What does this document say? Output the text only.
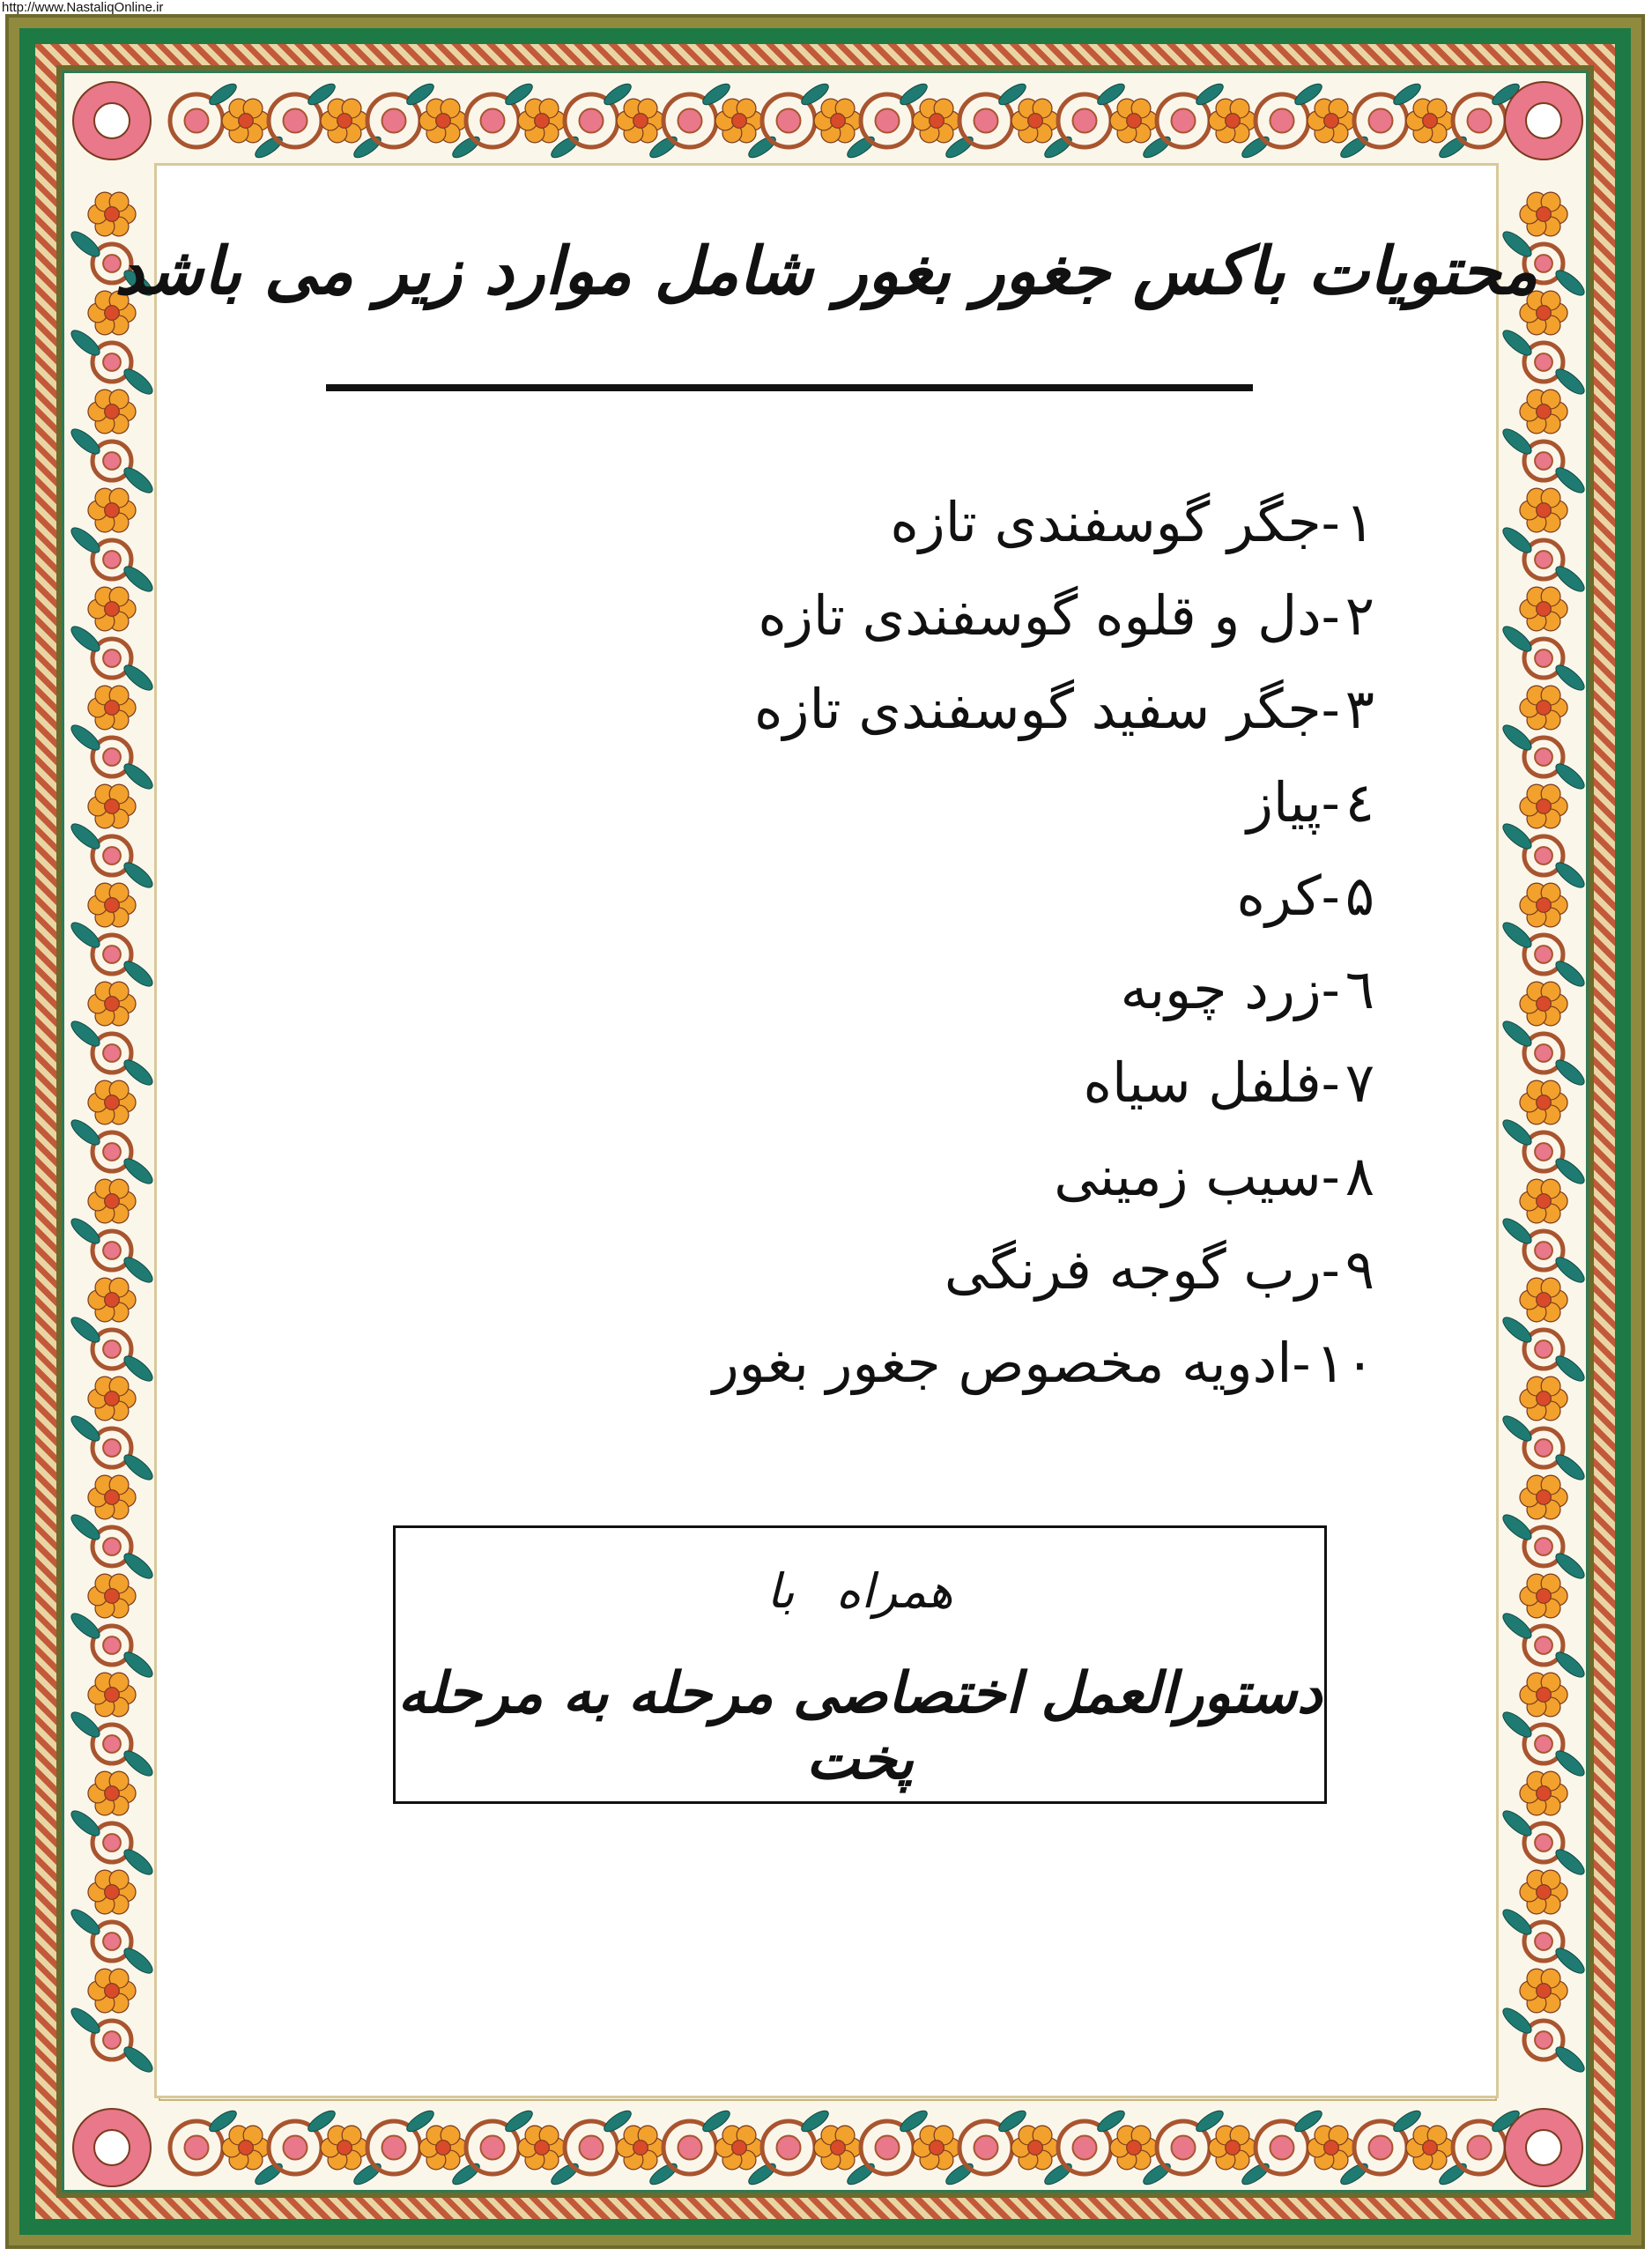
http://www.NastaliqOnline.ir
محتویات باکس جغور بغور شامل موارد زیر می باشد
۱-جگر گوسفندی تازه
۲-دل و قلوه گوسفندی تازه
۳-جگر سفید گوسفندی تازه
٤-پیاز
۵-کره
٦-زرد چوبه
۷-فلفل سیاه
۸-سیب زمینی
۹-رب گوجه فرنگی
۱۰-ادویه مخصوص جغور بغور
همراه با
دستورالعمل اختصاصی مرحله به مرحله پخت
